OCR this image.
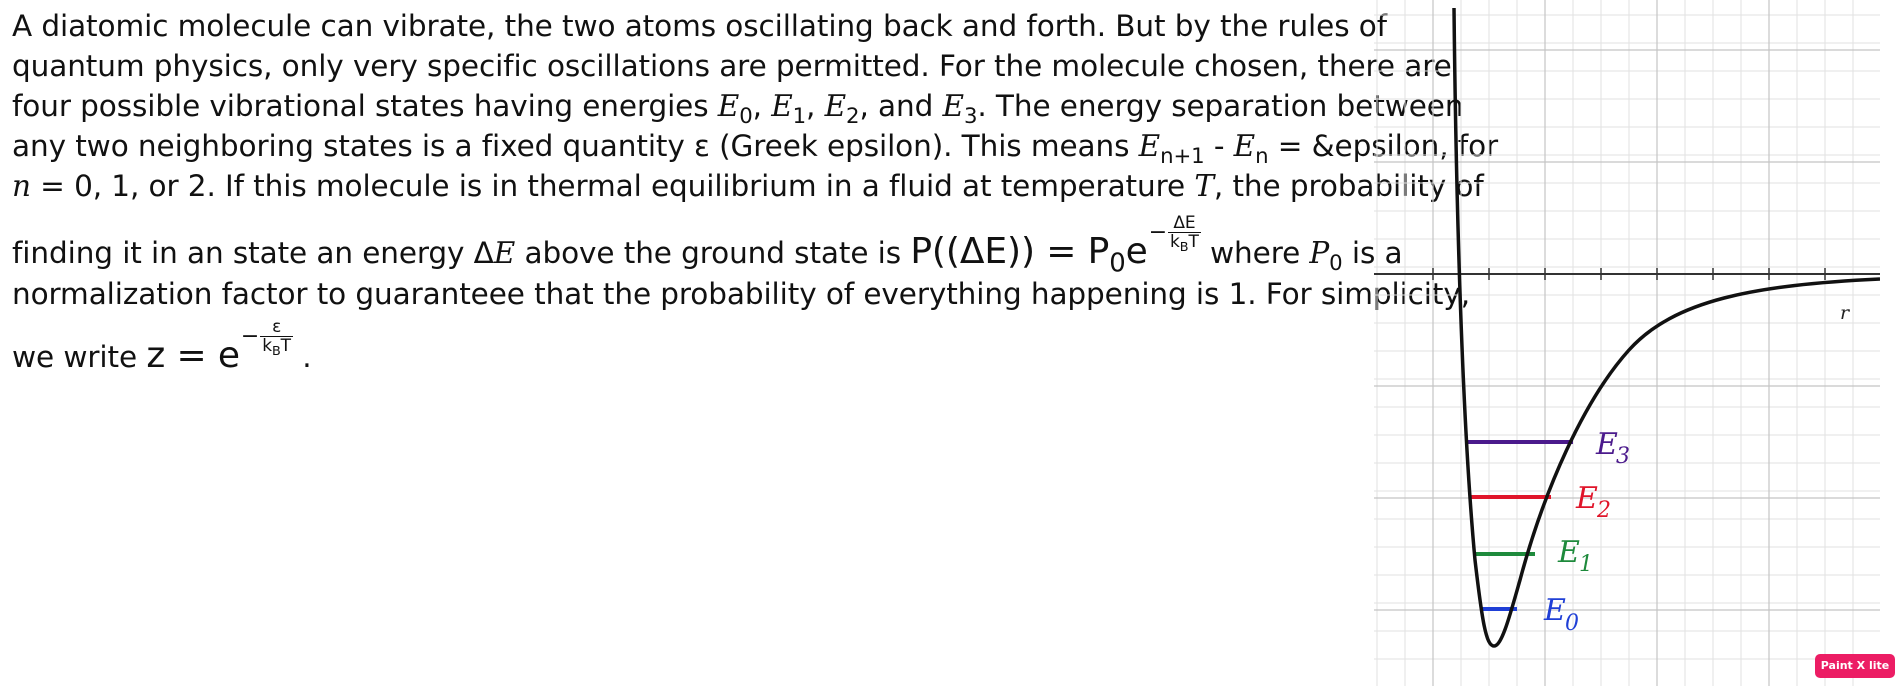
A diatomic molecule can vibrate, the two atoms oscillating back and forth. But by the rules of
quantum physics, only very specific oscillations are permitted. For the molecule chosen, there are
four possible vibrational states having energies $E_0$, $E_1$, $E_2$, and $E_3$. The energy separation between
any two neighboring states is a fixed quantity ε (Greek epsilon). This means $E_{n+1} - E_n$ = &epsilon, for
n = 0, 1, or 2. If this molecule is in thermal equilibrium in a fluid at temperature T, the probability of
finding it in an state an energy ΔE above the ground state is $P((\Delta E)) = P_0e- \frac{\Delta E}{k_BT}$
where $P_0$ is a
normalization factor to guaranteee that the probability of everything happening is 1. For simplicity,
we write $z = e- \frac{\varepsilon}{k_BT}$
.
r
E
3
E 2
E 1
E 0
Paint X lite
